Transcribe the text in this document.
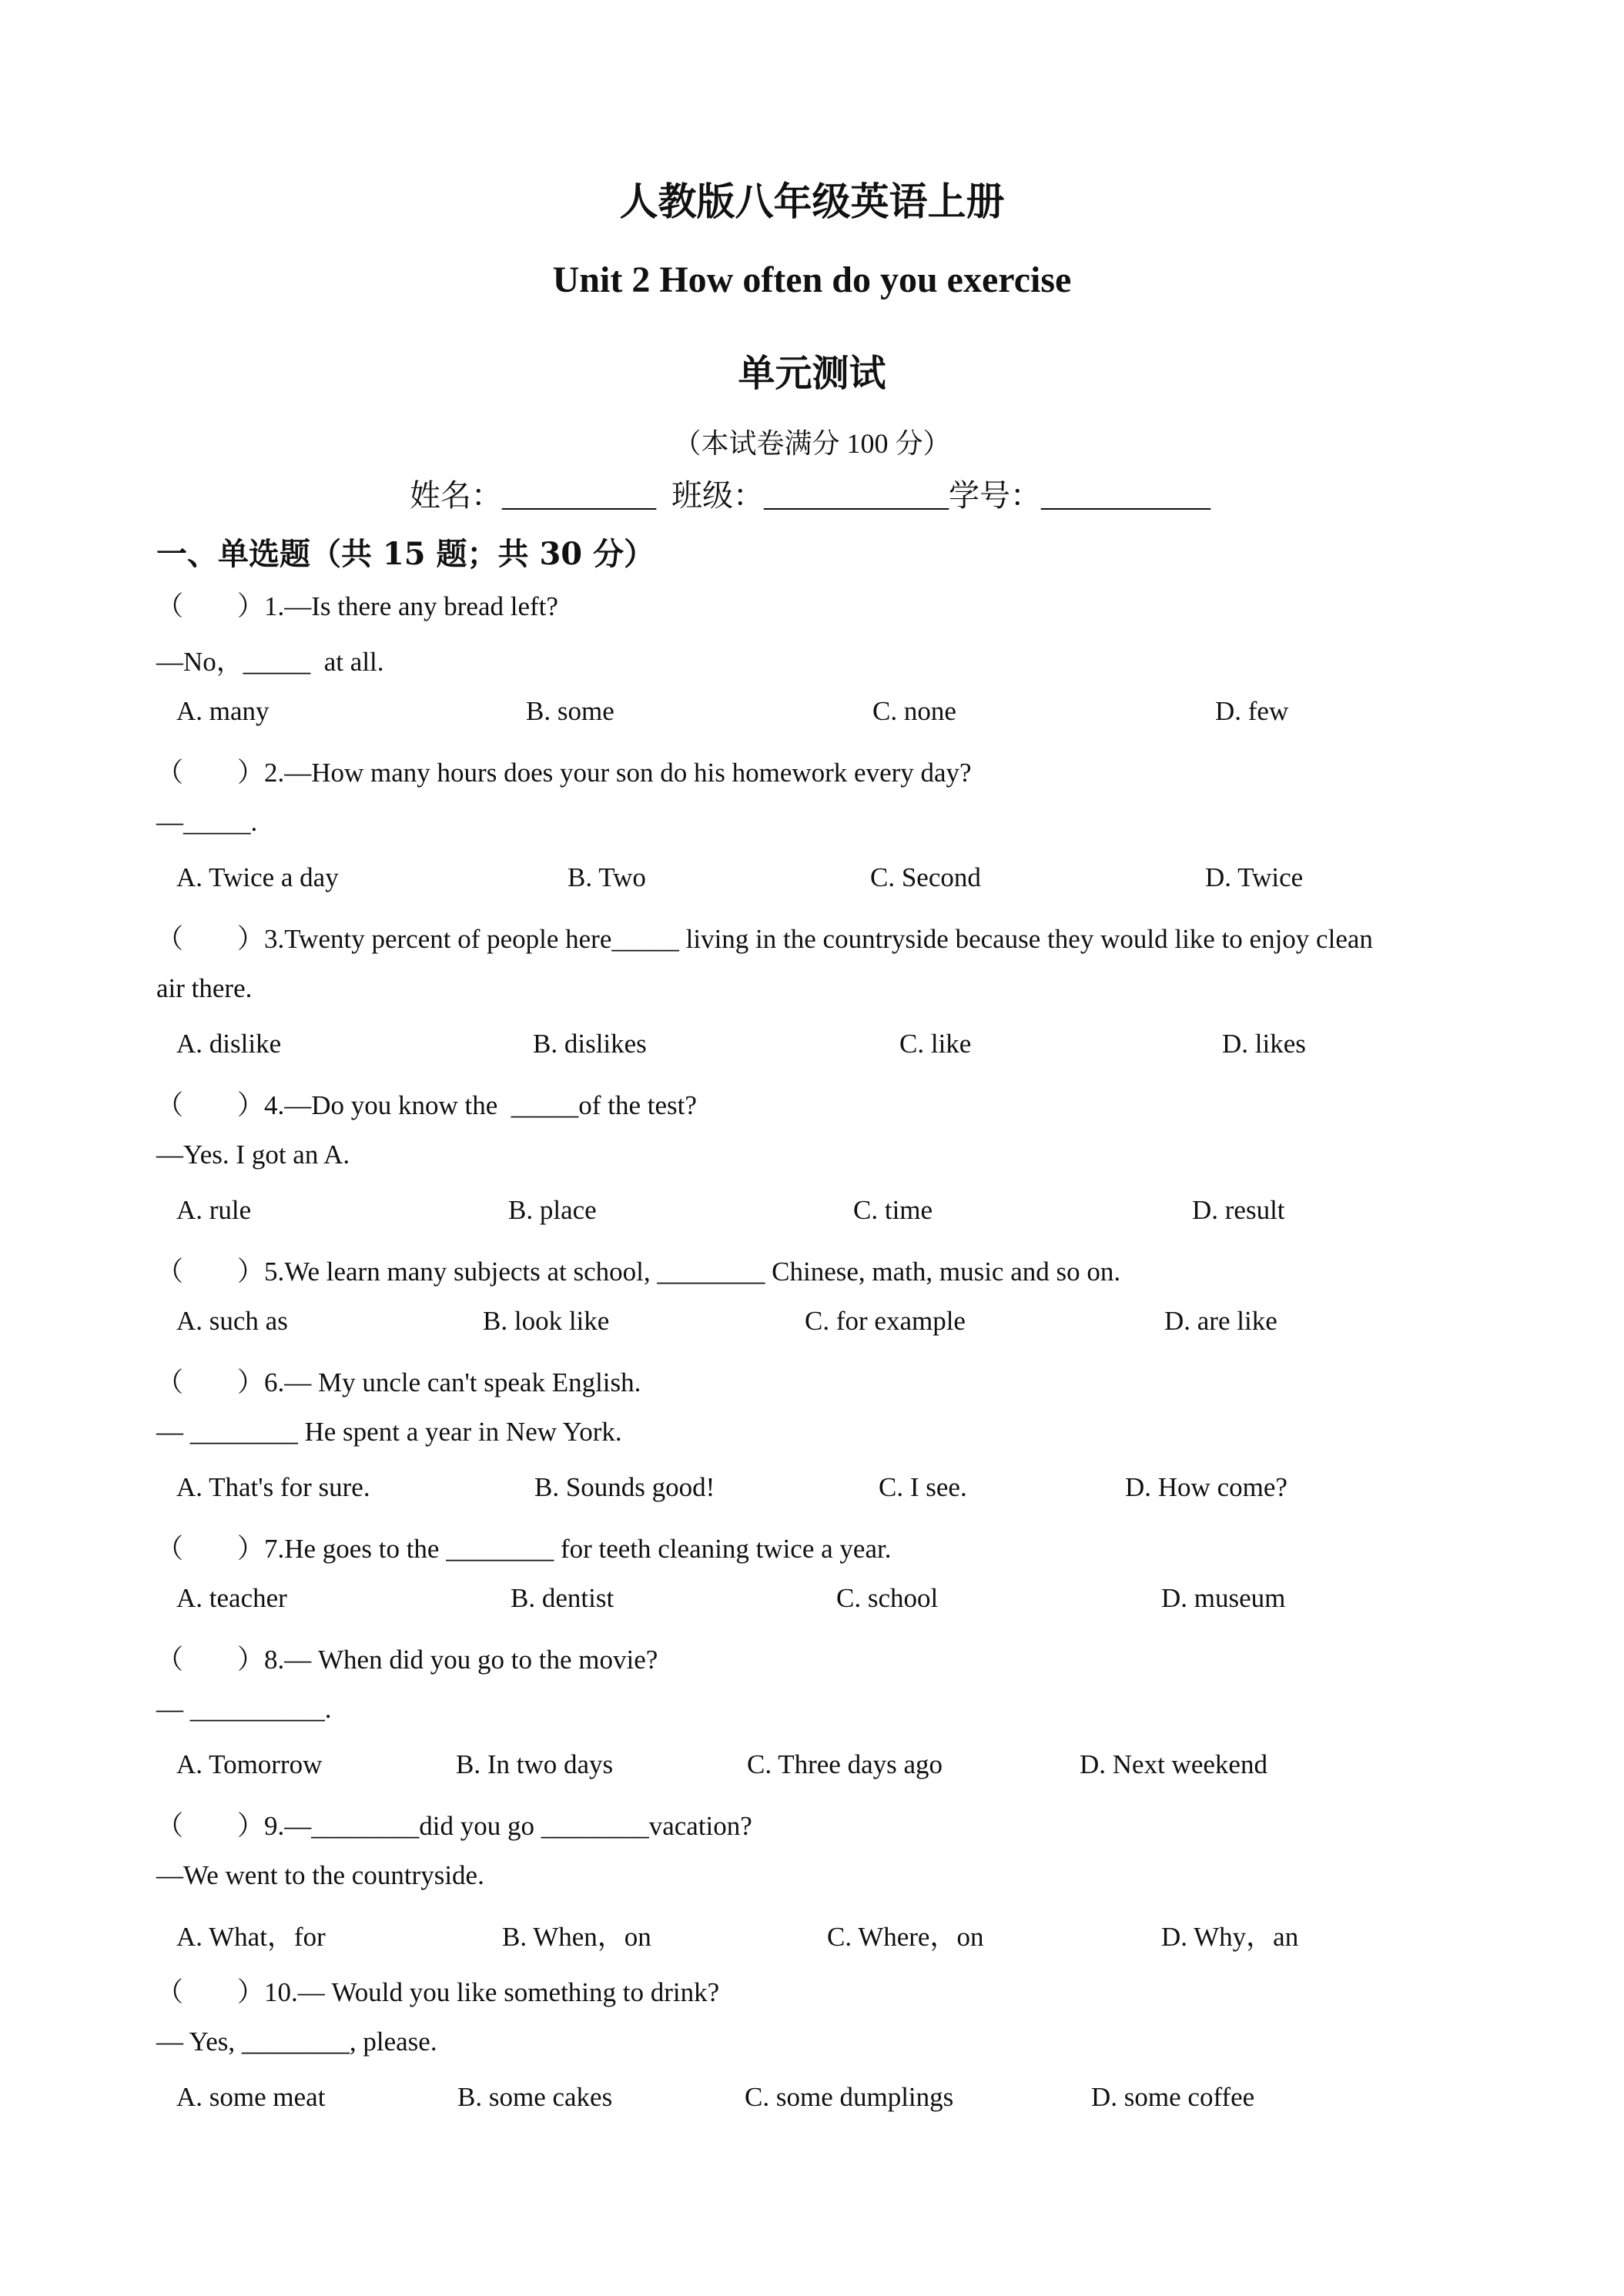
人教版八年级英语上册
Unit 2 How often do you exercise
单元测试
（本试卷满分 100 分）
姓名：__________  班级：____________学号：___________
一、单选题（共 15 题；共 30 分）
（        ）1.—Is there any bread left?
—No，_____  at all.
A. many	B. some	C. none	D. few
（        ）2.—How many hours does your son do his homework every day?
—_____.
A. Twice a day	B. Two	C. Second	D. Twice
（        ）3.Twenty percent of people here_____ living in the countryside because they would like to enjoy clean
air there.
A. dislike	B. dislikes	C. like	D. likes
（        ）4.—Do you know the  _____of the test?
—Yes. I got an A.
A. rule	B. place	C. time	D. result
（        ）5.We learn many subjects at school, ________ Chinese, math, music and so on.
A. such as	B. look like	C. for example	D. are like
（        ）6.— My uncle can't speak English.
— ________ He spent a year in New York.
A. That's for sure.	B. Sounds good!	C. I see.	D. How come?
（        ）7.He goes to the ________ for teeth cleaning twice a year.
A. teacher	B. dentist	C. school	D. museum
（        ）8.— When did you go to the movie?
— __________.
A. Tomorrow	B. In two days	C. Three days ago	D. Next weekend
（        ）9.—________did you go ________vacation?
—We went to the countryside.
A. What，for	B. When，on	C. Where，on	D. Why，an
（        ）10.— Would you like something to drink?
— Yes, ________, please.
A. some meat	B. some cakes	C. some dumplings	D. some coffee
